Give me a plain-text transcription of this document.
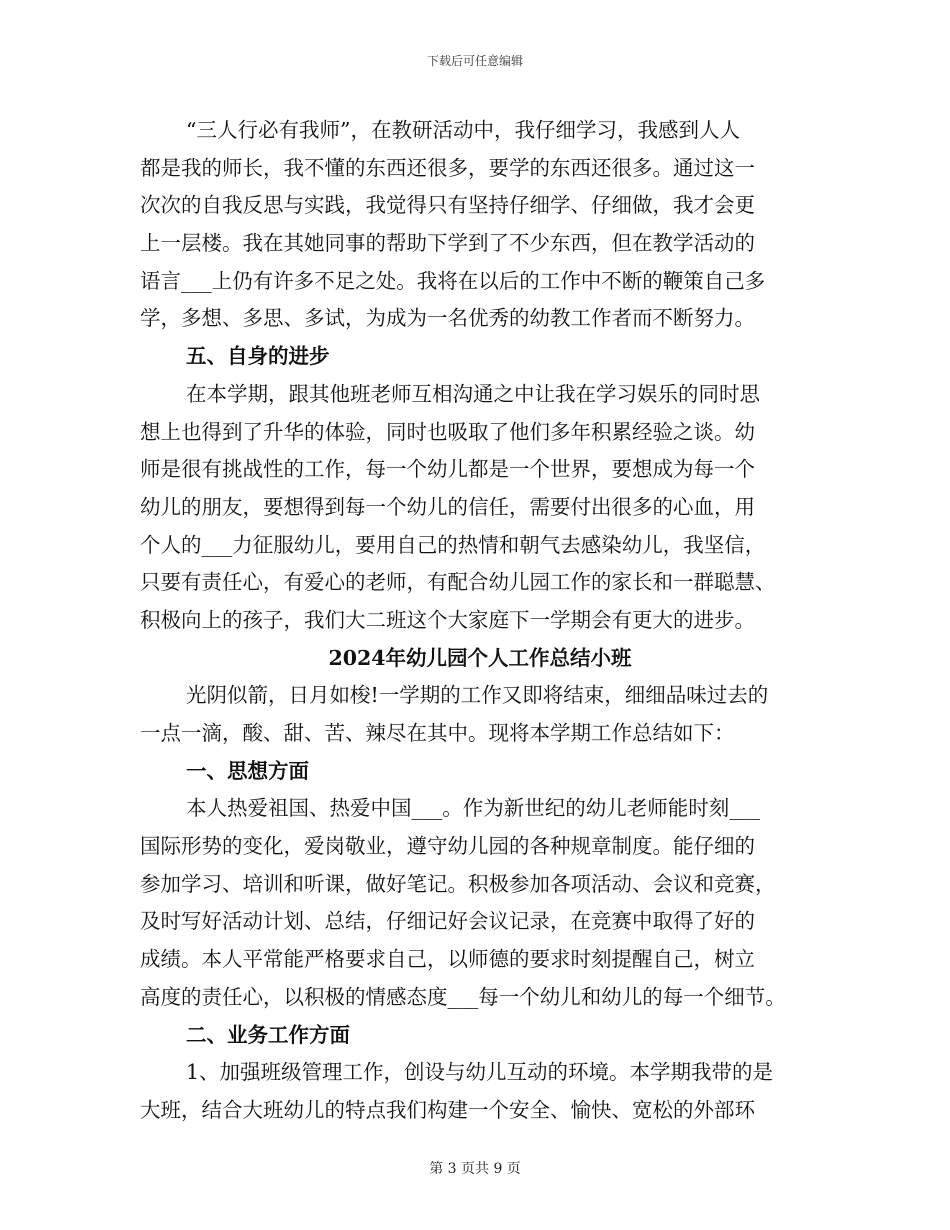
下载后可任意编辑
“三人行必有我师”，在教研活动中，我仔细学习，我感到人人
都是我的师长，我不懂的东西还很多，要学的东西还很多。通过这一
次次的自我反思与实践，我觉得只有坚持仔细学、仔细做，我才会更
上一层楼。我在其她同事的帮助下学到了不少东西，但在教学活动的
语言___上仍有许多不足之处。我将在以后的工作中不断的鞭策自己多
学，多想、多思、多试，为成为一名优秀的幼教工作者而不断努力。
五、自身的进步
在本学期，跟其他班老师互相沟通之中让我在学习娱乐的同时思
想上也得到了升华的体验，同时也吸取了他们多年积累经验之谈。幼
师是很有挑战性的工作，每一个幼儿都是一个世界，要想成为每一个
幼儿的朋友，要想得到每一个幼儿的信任，需要付出很多的心血，用
个人的___力征服幼儿，要用自己的热情和朝气去感染幼儿，我坚信，
只要有责任心，有爱心的老师，有配合幼儿园工作的家长和一群聪慧、
积极向上的孩子，我们大二班这个大家庭下一学期会有更大的进步。
2024年幼儿园个人工作总结小班
光阴似箭，日月如梭!一学期的工作又即将结束，细细品味过去的
一点一滴，酸、甜、苦、辣尽在其中。现将本学期工作总结如下：
一、思想方面
本人热爱祖国、热爱中国___。作为新世纪的幼儿老师能时刻___
国际形势的变化，爱岗敬业，遵守幼儿园的各种规章制度。能仔细的
参加学习、培训和听课，做好笔记。积极参加各项活动、会议和竞赛，
及时写好活动计划、总结，仔细记好会议记录，在竞赛中取得了好的
成绩。本人平常能严格要求自己，以师德的要求时刻提醒自己，树立
高度的责任心，以积极的情感态度___每一个幼儿和幼儿的每一个细节。
二、业务工作方面
1、加强班级管理工作，创设与幼儿互动的环境。本学期我带的是
大班，结合大班幼儿的特点我们构建一个安全、愉快、宽松的外部环
第 3 页共 9 页
